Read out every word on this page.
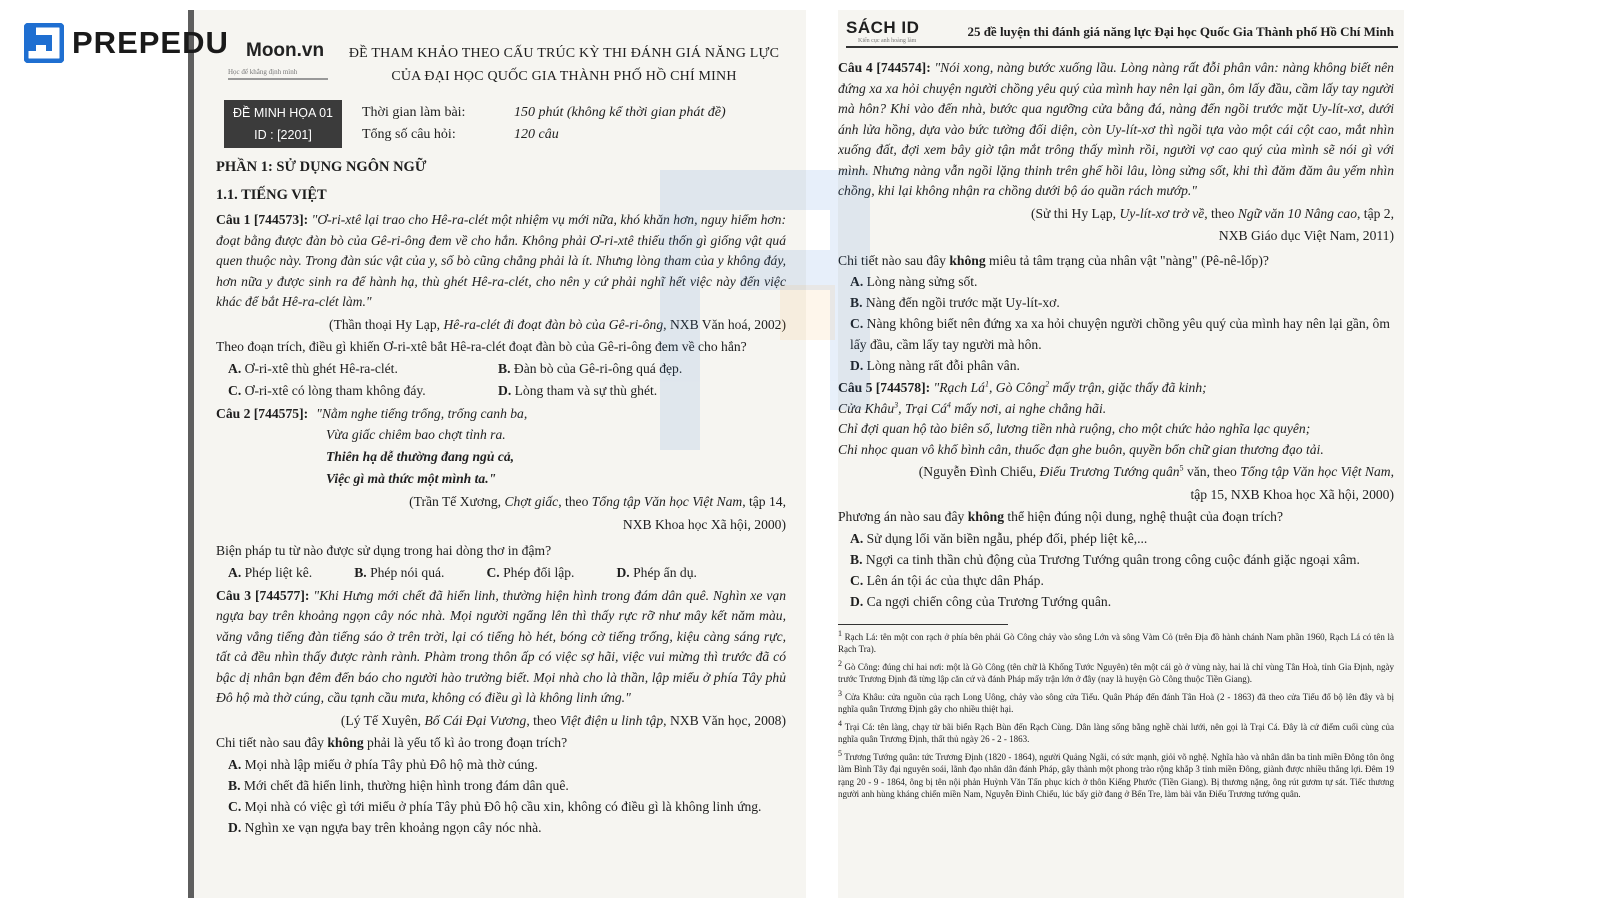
PREPEDU Moon.vn
Học để khẳng định mình
ĐỀ THAM KHẢO THEO CẤU TRÚC KỲ THI ĐÁNH GIÁ NĂNG LỰC
CỦA ĐẠI HỌC QUỐC GIA THÀNH PHỐ HỒ CHÍ MINH
ĐỀ MINH HỌA 01
ID : [2201]
Thời gian làm bài:	150 phút (không kể thời gian phát đề)
Tổng số câu hỏi:	120 câu
PHẦN 1: SỬ DỤNG NGÔN NGỮ
1.1. TIẾNG VIỆT
Câu 1 [744573]: "Ơ-ri-xtê lại trao cho Hê-ra-clét một nhiệm vụ mới nữa, khó khăn hơn, nguy hiểm hơn: đoạt bằng được đàn bò của Gê-ri-ông đem về cho hắn. Không phải Ơ-ri-xtê thiếu thốn gì giống vật quá quen thuộc này. Trong đàn súc vật của y, số bò cũng chẳng phải là ít. Nhưng lòng tham của y không đáy, hơn nữa y được sinh ra để hành hạ, thù ghét Hê-ra-clét, cho nên y cứ phải nghĩ hết việc này đến việc khác để bắt Hê-ra-clét làm."
(Thần thoại Hy Lạp, Hê-ra-clét đi đoạt đàn bò của Gê-ri-ông, NXB Văn hoá, 2002)
Theo đoạn trích, điều gì khiến Ơ-ri-xtê bắt Hê-ra-clét đoạt đàn bò của Gê-ri-ông đem về cho hắn?
A. Ơ-ri-xtê thù ghét Hê-ra-clét.	B. Đàn bò của Gê-ri-ông quá đẹp.
C. Ơ-ri-xtê có lòng tham không đáy.	D. Lòng tham và sự thù ghét.
Câu 2 [744575]: "Nằm nghe tiếng trống, trống canh ba,
Vừa giấc chiêm bao chợt tỉnh ra.
Thiên hạ dễ thường đang ngủ cả,
Việc gì mà thức một mình ta."
(Trần Tế Xương, Chợt giấc, theo Tổng tập Văn học Việt Nam, tập 14,
NXB Khoa học Xã hội, 2000)
Biện pháp tu từ nào được sử dụng trong hai dòng thơ in đậm?
A. Phép liệt kê.	B. Phép nói quá.	C. Phép đối lập.	D. Phép ẩn dụ.
Câu 3 [744577]: "Khi Hưng mới chết đã hiển linh, thường hiện hình trong đám dân quê. Nghìn xe vạn ngựa bay trên khoảng ngọn cây nóc nhà. Mọi người ngẩng lên thì thấy rực rỡ như mây kết năm màu, văng vẳng tiếng đàn tiếng sáo ở trên trời, lại có tiếng hò hét, bóng cờ tiếng trống, kiệu càng sáng rực, tất cả đều nhìn thấy được rành rành. Phàm trong thôn ấp có việc sợ hãi, việc vui mừng thì trước đã có bậc dị nhân bạn đêm đến báo cho người hào trưởng biết. Mọi nhà cho là thần, lập miếu ở phía Tây phủ Đô hộ mà thờ cúng, cầu tạnh cầu mưa, không có điều gì là không linh ứng."
(Lý Tế Xuyên, Bố Cái Đại Vương, theo Việt điện u linh tập, NXB Văn học, 2008)
Chi tiết nào sau đây không phải là yếu tố kì ảo trong đoạn trích?
A. Mọi nhà lập miếu ở phía Tây phủ Đô hộ mà thờ cúng.
B. Mới chết đã hiển linh, thường hiện hình trong đám dân quê.
C. Mọi nhà có việc gì tới miếu ở phía Tây phủ Đô hộ cầu xin, không có điều gì là không linh ứng.
D. Nghìn xe vạn ngựa bay trên khoảng ngọn cây nóc nhà.
SÁCH ID
Kiến cục anh hoàng làm
25 đề luyện thi đánh giá năng lực Đại học Quốc Gia Thành phố Hồ Chí Minh
Câu 4 [744574]: "Nói xong, nàng bước xuống lầu. Lòng nàng rất đỗi phân vân: nàng không biết nên đứng xa xa hỏi chuyện người chồng yêu quý của mình hay nên lại gần, ôm lấy đầu, cầm lấy tay người mà hôn? Khi vào đến nhà, bước qua ngưỡng cửa bằng đá, nàng đến ngồi trước mặt Uy-lít-xơ, dưới ánh lửa hồng, dựa vào bức tường đối diện, còn Uy-lít-xơ thì ngồi tựa vào một cái cột cao, mắt nhìn xuống đất, đợi xem bây giờ tận mắt trông thấy mình rồi, người vợ cao quý của mình sẽ nói gì với mình. Nhưng nàng vẫn ngồi lặng thinh trên ghế hồi lâu, lòng sửng sốt, khi thì đăm đăm âu yếm nhìn chồng, khi lại không nhận ra chồng dưới bộ áo quần rách mướp."
(Sử thi Hy Lạp, Uy-lít-xơ trở về, theo Ngữ văn 10 Nâng cao, tập 2,
NXB Giáo dục Việt Nam, 2011)
Chi tiết nào sau đây không miêu tả tâm trạng của nhân vật "nàng" (Pê-nê-lốp)?
A. Lòng nàng sửng sốt.
B. Nàng đến ngồi trước mặt Uy-lít-xơ.
C. Nàng không biết nên đứng xa xa hỏi chuyện người chồng yêu quý của mình hay nên lại gần, ôm lấy đầu, cầm lấy tay người mà hôn.
D. Lòng nàng rất đỗi phân vân.
Câu 5 [744578]: "Rạch $Lá^1$, Gò Công$^2$ mấy trận, giặc thấy đã kinh;
Cửa Khâu$^3$, Trại $Cá^4$ mấy nơi, ai nghe chẳng hãi.
Chỉ đợi quan hộ tào biên sổ, lương tiền nhà ruộng, cho một chức hảo nghĩa lạc quyên;
Chi nhọc quan vô khố bình cân, thuốc đạn ghe buôn, quyền bổn chữ gian thương đạo tải.
(Nguyễn Đình Chiểu, Điếu Trương Tướng quân$^5$ văn, theo Tổng tập Văn học Việt Nam,
tập 15, NXB Khoa học Xã hội, 2000)
Phương án nào sau đây không thể hiện đúng nội dung, nghệ thuật của đoạn trích?
A. Sử dụng lối văn biền ngẫu, phép đối, phép liệt kê,...
B. Ngợi ca tinh thần chủ động của Trương Tướng quân trong công cuộc đánh giặc ngoại xâm.
C. Lên án tội ác của thực dân Pháp.
D. Ca ngợi chiến công của Trương Tướng quân.
1 Rạch Lá: tên một con rạch ở phía bên phải Gò Công chảy vào sông Lớn và sông Vàm Cỏ (trên Địa đồ hành chánh Nam phần 1960, Rạch Lá có tên là Rạch Tra).
2 Gò Công: đúng chỉ hai nơi: một là Gò Công (tên chữ là Khống Tước Nguyên) tên một cái gò ở vùng này, hai là chỉ vùng Tân Hoà, tỉnh Gia Định, ngày trước Trương Định đã từng lập căn cứ và đánh Pháp mấy trận lớn ở đây (nay là huyện Gò Công thuộc Tiền Giang).
3 Cửa Khâu: cửa nguồn của rạch Long Uông, chảy vào sông cửa Tiểu. Quân Pháp đến đánh Tân Hoà (2 - 1863) đã theo cửa Tiểu đổ bộ lên đây và bị nghĩa quân Trương Định gây cho nhiều thiệt hại.
4 Trại Cá: tên làng, chạy từ bãi biển Rạch Bùn đến Rạch Cùng. Dân làng sống bằng nghề chài lưới, nên gọi là Trại Cá. Đây là cứ điểm cuối cùng của nghĩa quân Trương Định, thất thủ ngày 26 - 2 - 1863.
5 Trương Tướng quân: tức Trương Định (1820 - 1864), người Quảng Ngãi, có sức mạnh, giỏi võ nghệ. Nghĩa hào và nhân dân ba tỉnh miền Đông tôn ông làm Bình Tây đại nguyên soái, lãnh đạo nhân dân đánh Pháp, gây thành một phong trào rộng khắp 3 tỉnh miền Đông, giành được nhiều thắng lợi. Đêm 19 rạng 20 - 9 - 1864, ông bị tên nội phản Huỳnh Văn Tấn phục kích ở thôn Kiểng Phước (Tiền Giang). Bị thương nặng, ông rút gươm tự sát. Tiếc thương người anh hùng kháng chiến miền Nam, Nguyễn Đình Chiểu, lúc bấy giờ đang ở Bến Tre, làm bài văn Điếu Trương tướng quân.
